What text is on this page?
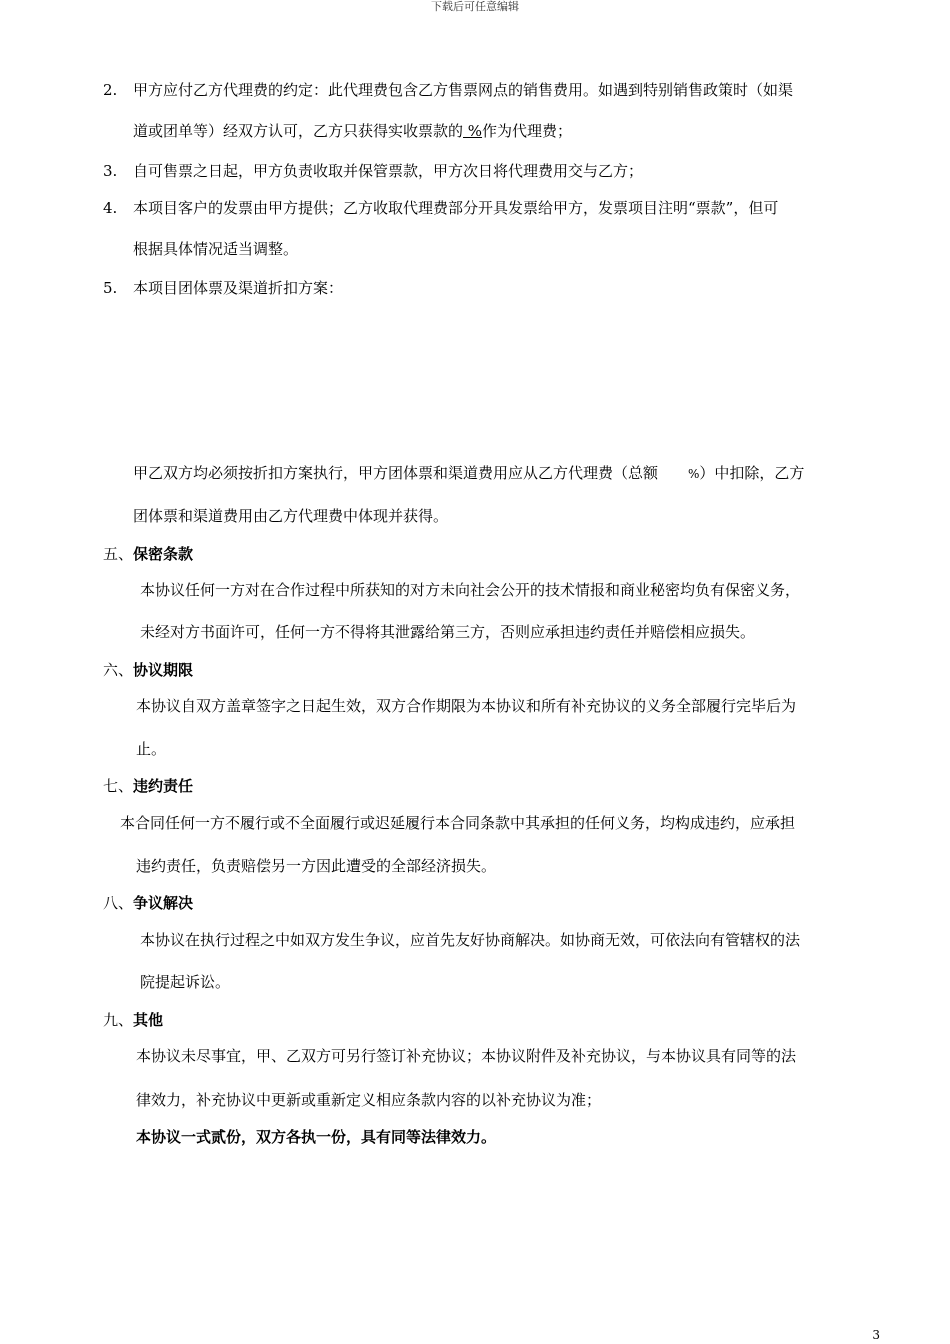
下载后可任意编辑
2. 甲方应付乙方代理费的约定：此代理费包含乙方售票网点的销售费用。如遇到特别销售政策时（如渠
道或团单等）经双方认可，乙方只获得实收票款的 %作为代理费；
3. 自可售票之日起，甲方负责收取并保管票款，甲方次日将代理费用交与乙方；
4. 本项目客户的发票由甲方提供；乙方收取代理费部分开具发票给甲方，发票项目注明“票款”，但可
根据具体情况适当调整。
5. 本项目团体票及渠道折扣方案：
甲乙双方均必须按折扣方案执行，甲方团体票和渠道费用应从乙方代理费（总额	%）中扣除，乙方
团体票和渠道费用由乙方代理费中体现并获得。
五、保密条款
本协议任何一方对在合作过程中所获知的对方未向社会公开的技术情报和商业秘密均负有保密义务，
未经对方书面许可，任何一方不得将其泄露给第三方，否则应承担违约责任并赔偿相应损失。
六、协议期限
本协议自双方盖章签字之日起生效，双方合作期限为本协议和所有补充协议的义务全部履行完毕后为
止。
七、违约责任
本合同任何一方不履行或不全面履行或迟延履行本合同条款中其承担的任何义务，均构成违约，应承担
违约责任，负责赔偿另一方因此遭受的全部经济损失。
八、争议解决
本协议在执行过程之中如双方发生争议，应首先友好协商解决。如协商无效，可依法向有管辖权的法
院提起诉讼。
九、其他
本协议未尽事宜，甲、乙双方可另行签订补充协议；本协议附件及补充协议，与本协议具有同等的法
律效力，补充协议中更新或重新定义相应条款内容的以补充协议为准；
本协议一式贰份，双方各执一份，具有同等法律效力。
3
